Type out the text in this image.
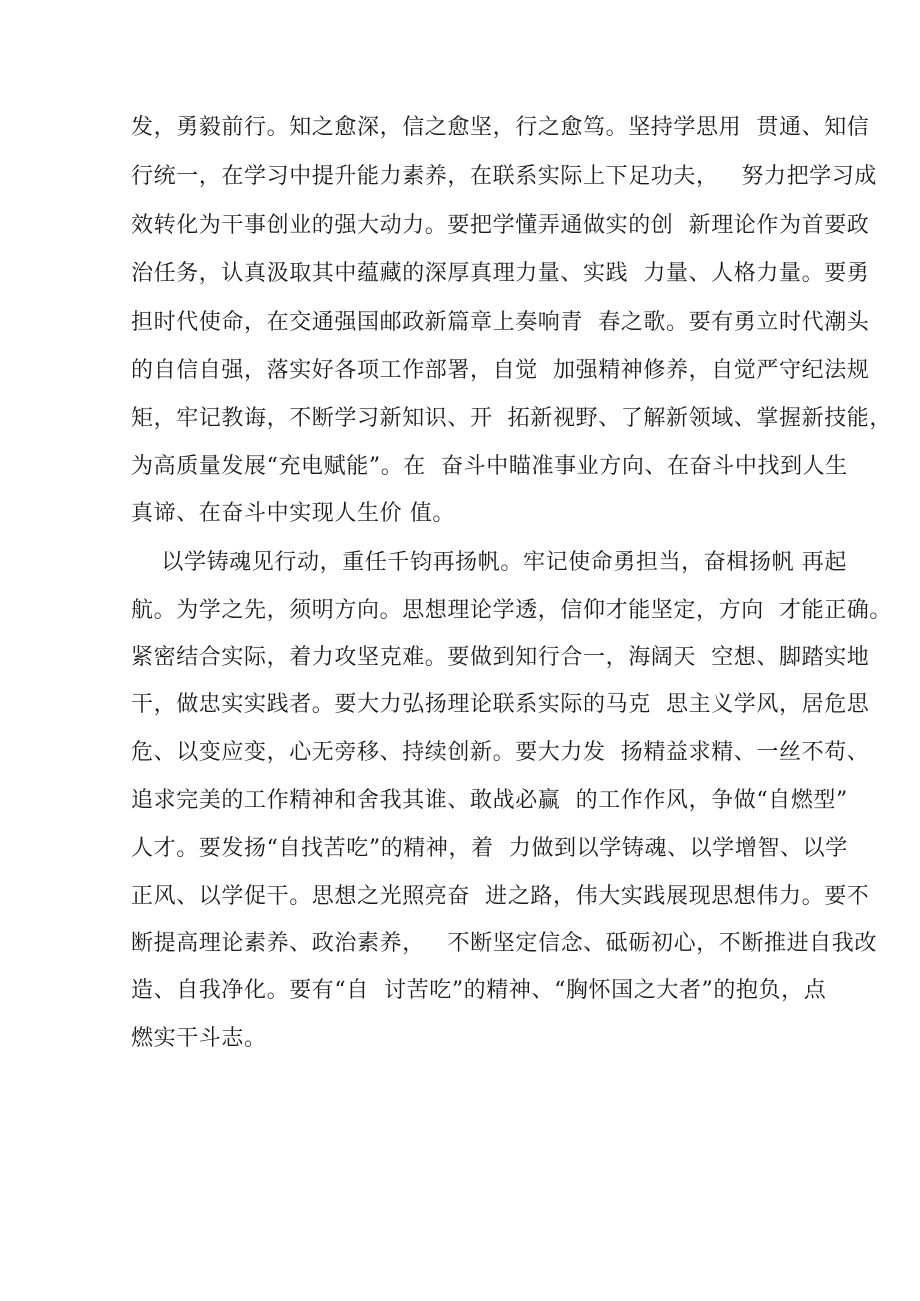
发，勇毅前行。知之愈深，信之愈坚，行之愈笃。坚持学思用  贯通、知信
行统一，在学习中提升能力素养，在联系实际上下足功夫，   努力把学习成
效转化为干事创业的强大动力。要把学懂弄通做实的创  新理论作为首要政
治任务，认真汲取其中蕴藏的深厚真理力量、实践  力量、人格力量。要勇
担时代使命，在交通强国邮政新篇章上奏响青  春之歌。要有勇立时代潮头
的自信自强，落实好各项工作部署，自觉  加强精神修养，自觉严守纪法规
矩，牢记教诲，不断学习新知识、开  拓新视野、了解新领域、掌握新技能，
为高质量发展“充电赋能”。在  奋斗中瞄准事业方向、在奋斗中找到人生
真谛、在奋斗中实现人生价 值。
以学铸魂见行动，重任千钧再扬帆。牢记使命勇担当，奋楫扬帆 再起
航。为学之先，须明方向。思想理论学透，信仰才能坚定，方向  才能正确。
紧密结合实际，着力攻坚克难。要做到知行合一，海阔天  空想、脚踏实地
干，做忠实实践者。要大力弘扬理论联系实际的马克  思主义学风，居危思
危、以变应变，心无旁移、持续创新。要大力发  扬精益求精、一丝不苟、
追求完美的工作精神和舍我其谁、敢战必赢  的工作作风，争做“自燃型”
人才。要发扬“自找苦吃”的精神，着  力做到以学铸魂、以学增智、以学
正风、以学促干。思想之光照亮奋  进之路，伟大实践展现思想伟力。要不
断提高理论素养、政治素养，   不断坚定信念、砥砺初心，不断推进自我改
造、自我净化。要有“自  讨苦吃”的精神、“胸怀国之大者”的抱负，点
燃实干斗志。
